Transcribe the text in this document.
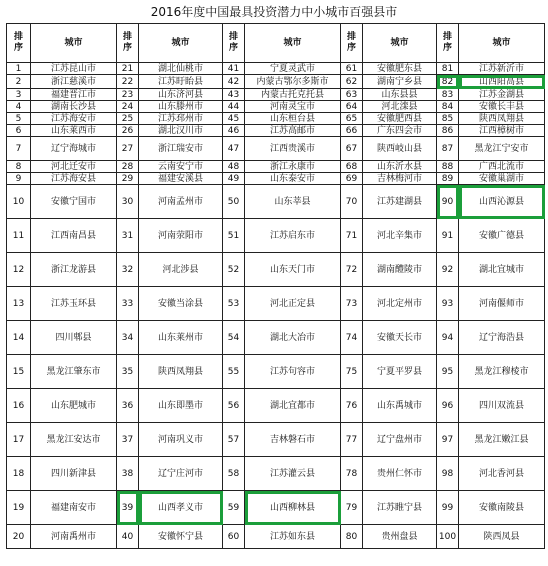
2016年度中国最具投资潜力中小城市百强县市
排序	城市	排序	城市	排序	城市	排序	城市	排序	城市
1	江苏昆山市	21	湖北仙桃市	41	宁夏灵武市	61	安徽肥东县	81	江苏新沂市
2	浙江慈溪市	22	江苏盱眙县	42	内蒙古鄂尔多斯市	62	湖南宁乡县	82	山西阳高县
3	福建晋江市	23	山东济河县	43	内蒙古托克托县	63	山东县县	83	江苏金湖县
4	湖南长沙县	24	山东滕州市	44	河南灵宝市	64	河北滦县	84	安徽长丰县
5	江苏海安市	25	江苏邳州市	45	山东桓台县	65	安徽肥西县	85	陕西凤翔县
6	山东莱西市	26	湖北汉川市	46	江苏高邮市	66	广东四会市	86	江西樟树市
7	辽宁海城市	27	浙江瑞安市	47	江西贵溪市	67	陕西岐山县	87	黑龙江宁安市
8	河北迁安市	28	云南安宁市	48	浙江永康市	68	山东沂水县	88	广西北流市
9	江苏海安县	29	福建安溪县	49	山东泰安市	69	吉林梅河市	89	安徽巢湖市
10	安徽宁国市	30	河南孟州市	50	山东莘县	70	江苏建湖县	90	山西沁源县
11	江西南昌县	31	河南荥阳市	51	江苏启东市	71	河北辛集市	91	安徽广德县
12	浙江龙游县	32	河北涉县	52	山东天门市	72	湖南醴陵市	92	湖北宜城市
13	江苏玉环县	33	安徽当涂县	53	河北正定县	73	河北定州市	93	河南偃师市
14	四川郫县	34	山东莱州市	54	湖北大冶市	74	安徽天长市	94	辽宁海浩县
15	黑龙江肇东市	35	陕西凤翔县	55	江苏句容市	75	宁夏平罗县	95	黑龙江穆棱市
16	山东肥城市	36	山东即墨市	56	湖北宜都市	76	山东禹城市	96	四川双流县
17	黑龙江安达市	37	河南巩义市	57	吉林磐石市	77	辽宁盘州市	97	黑龙江嫩江县
18	四川新津县	38	辽宁庄河市	58	江苏灌云县	78	贵州仁怀市	98	河北香河县
19	福建南安市	39	山西孝义市	59	山西柳林县	79	江苏睢宁县	99	安徽南陵县
20	河南禹州市	40	安徽怀宁县	60	江苏如东县	80	贵州盘县	100	陕西凤县
